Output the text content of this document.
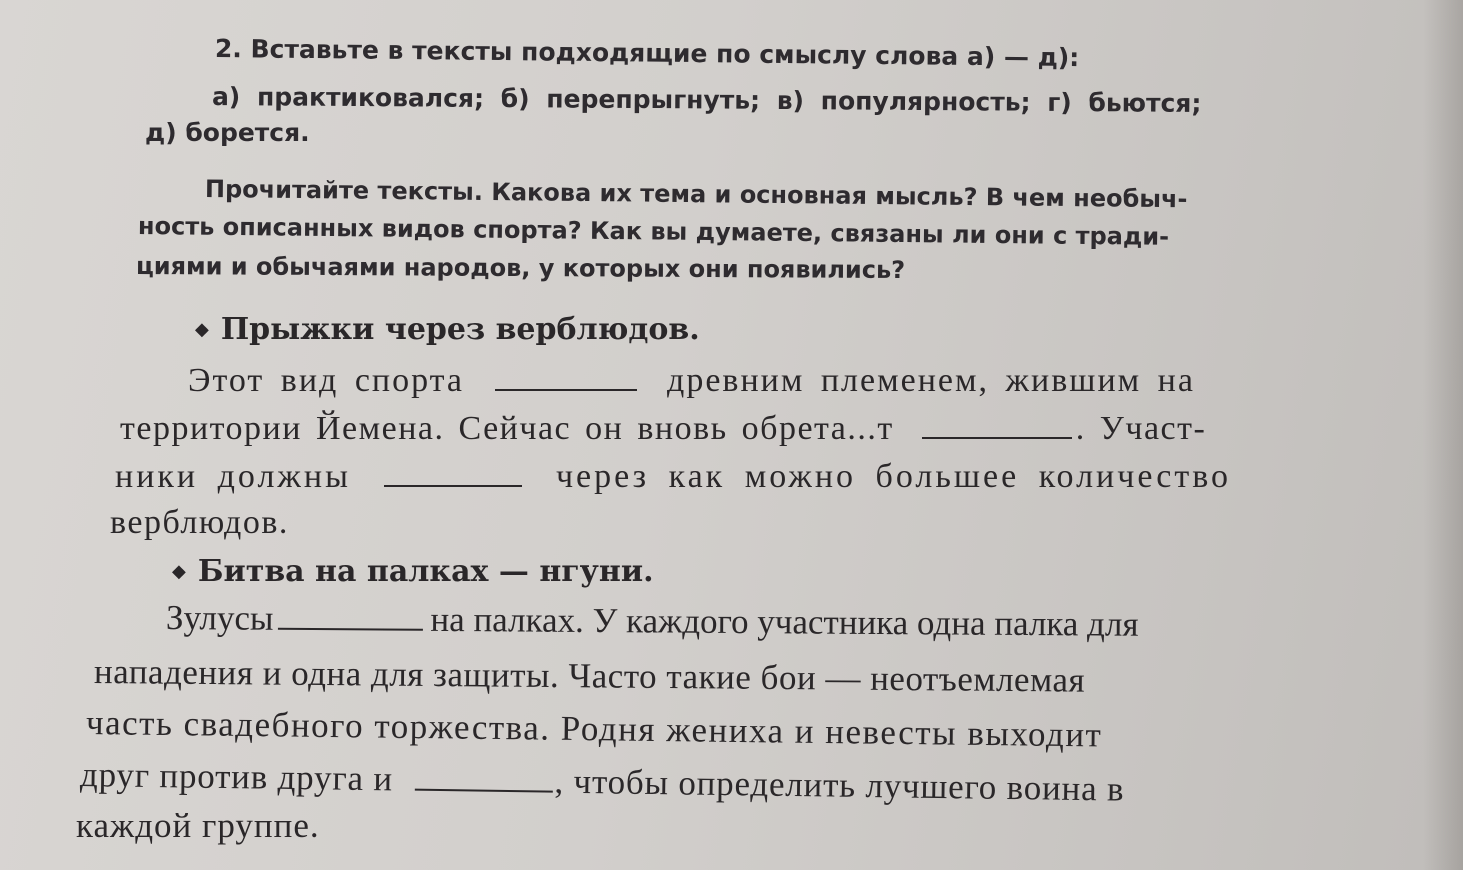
2. Вставьте в тексты подходящие по смыслу слова а) — д):
а) практиковался; б) перепрыгнуть; в) популярность; г) бьются;
д) борется.
Прочитайте тексты. Какова их тема и основная мысль? В чем необыч-
ность описанных видов спорта? Как вы думаете, связаны ли они с тради-
циями и обычаями народов, у которых они появились?
◆ Прыжки через верблюдов.
Этот вид спорта	древним племенем, жившим на
территории Йемена. Сейчас он вновь обрета...т	. Участ-
ники должны	через как можно большее количество
верблюдов.
◆ Битва на палках — нгуни.
Зулусы	на палках. У каждого участника одна палка для
нападения и одна для защиты. Часто такие бои — неотъемлемая
часть свадебного торжества. Родня жениха и невесты выходит
друг против друга и	, чтобы определить лучшего воина в
каждой группе.
